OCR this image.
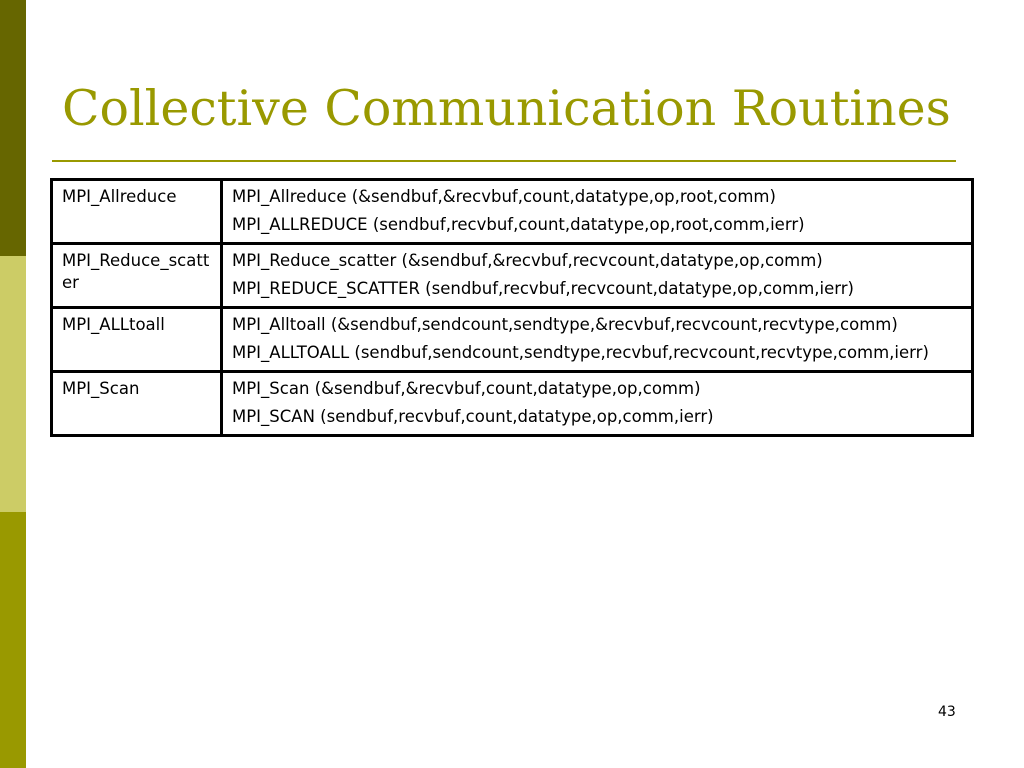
Collective Communication Routines
MPI_Allreduce	MPI_Allreduce (&sendbuf,&recvbuf,count,datatype,op,root,comm)
MPI_ALLREDUCE (sendbuf,recvbuf,count,datatype,op,root,comm,ierr)

MPI_Reduce_scatter	MPI_Reduce_scatter (&sendbuf,&recvbuf,recvcount,datatype,op,comm)
MPI_REDUCE_SCATTER (sendbuf,recvbuf,recvcount,datatype,op,comm,ierr)

MPI_ALLtoall	MPI_Alltoall (&sendbuf,sendcount,sendtype,&recvbuf,recvcount,recvtype,comm)
MPI_ALLTOALL (sendbuf,sendcount,sendtype,recvbuf,recvcount,recvtype,comm,ierr)

MPI_Scan	MPI_Scan (&sendbuf,&recvbuf,count,datatype,op,comm)
MPI_SCAN (sendbuf,recvbuf,count,datatype,op,comm,ierr)
43
